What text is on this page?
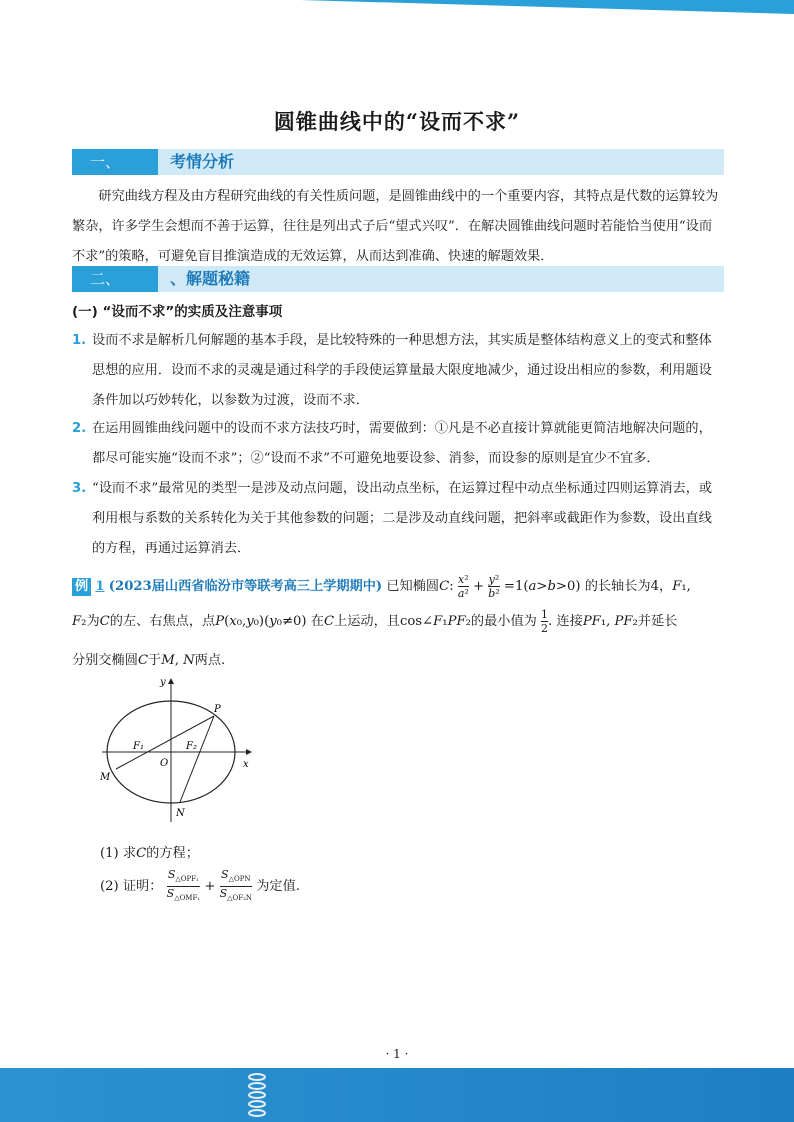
圆锥曲线中的“设而不求”
一、	考情分析

研究曲线方程及由方程研究曲线的有关性质问题，是圆锥曲线中的一个重要内容，其特点是代数的运算较为繁杂，许多学生会想而不善于运算，往往是列出式子后“望式兴叹”．在解决圆锥曲线问题时若能恰当使用“设而不求”的策略，可避免盲目推演造成的无效运算，从而达到准确、快速的解题效果．

二、	、解题秘籍
(一) “设而不求”的实质及注意事项
1. 设而不求是解析几何解题的基本手段，是比较特殊的一种思想方法，其实质是整体结构意义上的变式和整体思想的应用．设而不求的灵魂是通过科学的手段使运算量最大限度地减少，通过设出相应的参数，利用题设条件加以巧妙转化，以参数为过渡，设而不求．
2. 在运用圆锥曲线问题中的设而不求方法技巧时，需要做到：①凡是不必直接计算就能更简洁地解决问题的，都尽可能实施“设而不求”；②“设而不求”不可避免地要设参、消参，而设参的原则是宜少不宜多．
3. “设而不求”最常见的类型一是涉及动点问题，设出动点坐标，在运算过程中动点坐标通过四则运算消去，或利用根与系数的关系转化为关于其他参数的问题；二是涉及动直线问题，把斜率或截距作为参数，设出直线的方程，再通过运算消去．
例 1 (2023届山西省临汾市等联考高三上学期期中) 已知椭圆C: $\frac{\text{x²}}{\text{a²}} + \frac{\text{y²}}{\text{b²}} =1(a>b>0)$ 的长轴长为4，F₁,
F₂为C的左、右焦点，点P(x₀,y₀)(y₀≠0) 在C上运动，且cos∠F₁PF₂的最小值为 $\frac{1}{2}$ . 连接PF₁, PF₂并延长
分别交椭圆C于M, N两点.
y
x
O
P
F₁	F₂
M
N
(1) 求C的方程；
(2) 证明： $\frac{S_{\triangle OPF_1}}{S_{\triangle OMF_1}} + \frac{S_{\triangle OPN}}{S_{\triangle OF_2N}}$ 为定值.
· 1 ·
